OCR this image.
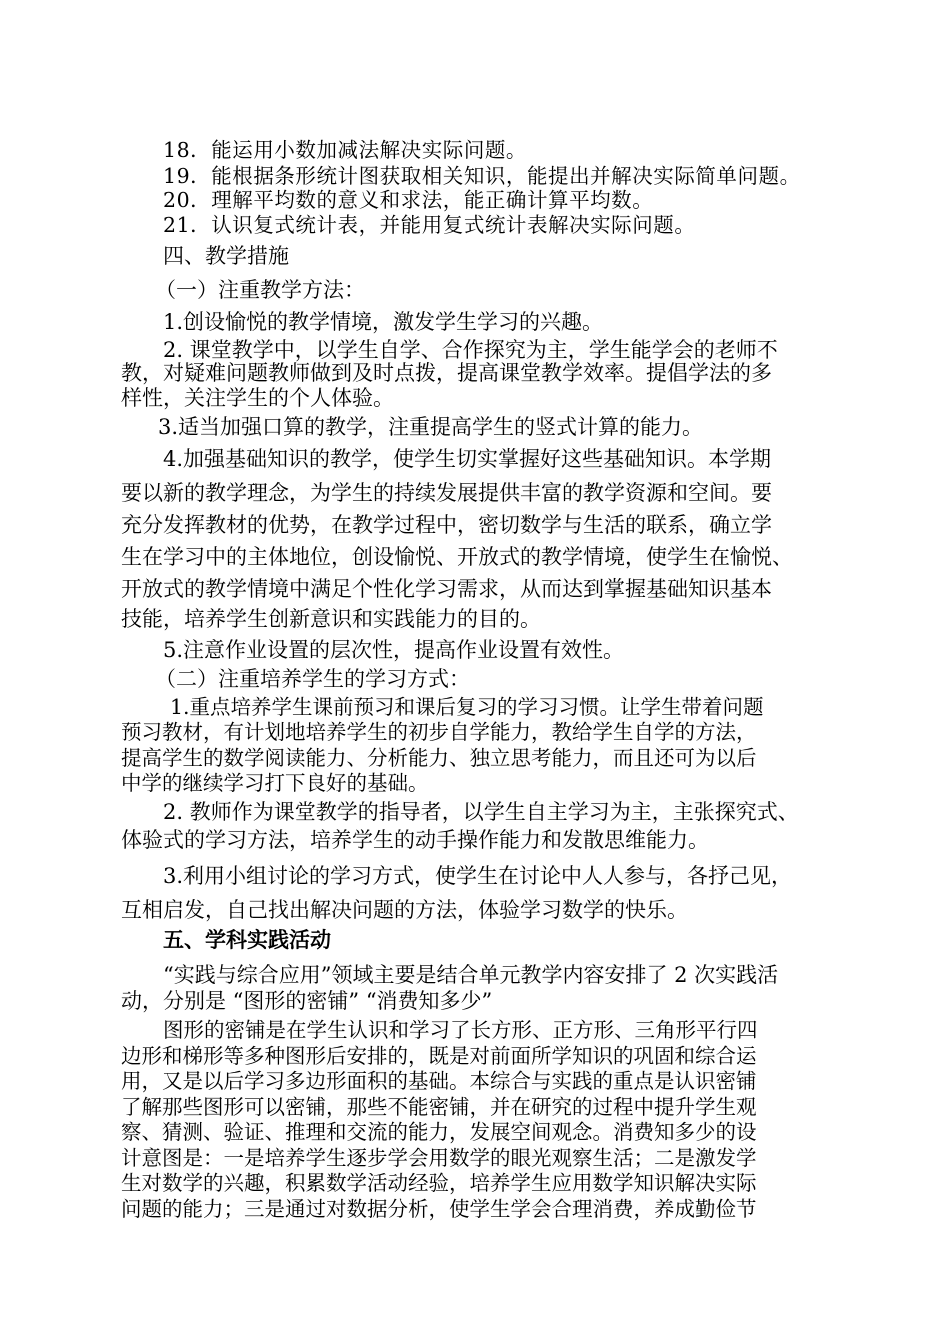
18．能运用小数加减法解决实际问题。
19．能根据条形统计图获取相关知识，能提出并解决实际简单问题。
20．理解平均数的意义和求法，能正确计算平均数。
21．认识复式统计表，并能用复式统计表解决实际问题。
四、教学措施
（一）注重教学方法：
1.创设愉悦的教学情境，激发学生学习的兴趣。
2. 课堂教学中，以学生自学、合作探究为主，学生能学会的老师不
教，对疑难问题教师做到及时点拨，提高课堂教学效率。提倡学法的多
样性，关注学生的个人体验。
3.适当加强口算的教学，注重提高学生的竖式计算的能力。
4.加强基础知识的教学，使学生切实掌握好这些基础知识。本学期
要以新的教学理念，为学生的持续发展提供丰富的教学资源和空间。要
充分发挥教材的优势，在教学过程中，密切数学与生活的联系，确立学
生在学习中的主体地位，创设愉悦、开放式的教学情境，使学生在愉悦、
开放式的教学情境中满足个性化学习需求，从而达到掌握基础知识基本
技能，培养学生创新意识和实践能力的目的。
5.注意作业设置的层次性，提高作业设置有效性。
（二）注重培养学生的学习方式：
1.重点培养学生课前预习和课后复习的学习习惯。让学生带着问题
预习教材，有计划地培养学生的初步自学能力，教给学生自学的方法，
提高学生的数学阅读能力、分析能力、独立思考能力，而且还可为以后
中学的继续学习打下良好的基础。
2. 教师作为课堂教学的指导者，以学生自主学习为主，主张探究式、
体验式的学习方法，培养学生的动手操作能力和发散思维能力。
3.利用小组讨论的学习方式，使学生在讨论中人人参与，各抒己见，
互相启发，自己找出解决问题的方法，体验学习数学的快乐。
五、学科实践活动
“实践与综合应用”领域主要是结合单元教学内容安排了 2 次实践活
动，分别是 “图形的密铺” “消费知多少”
图形的密铺是在学生认识和学习了长方形、正方形、三角形平行四
边形和梯形等多种图形后安排的，既是对前面所学知识的巩固和综合运
用，又是以后学习多边形面积的基础。本综合与实践的重点是认识密铺
了解那些图形可以密铺，那些不能密铺，并在研究的过程中提升学生观
察、猜测、验证、推理和交流的能力，发展空间观念。消费知多少的设
计意图是：一是培养学生逐步学会用数学的眼光观察生活；二是激发学
生对数学的兴趣，积累数学活动经验，培养学生应用数学知识解决实际
问题的能力；三是通过对数据分析，使学生学会合理消费，养成勤俭节
